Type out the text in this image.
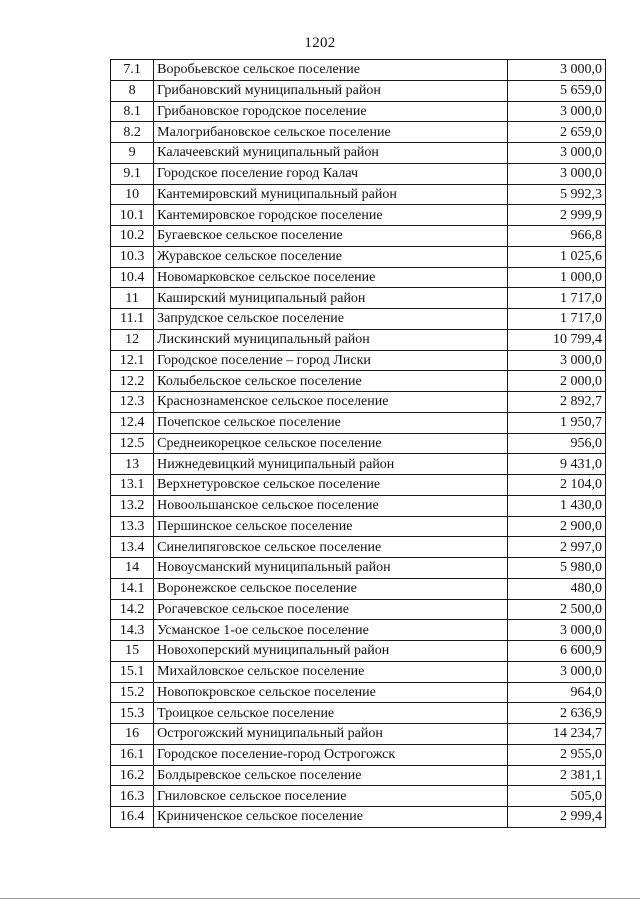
1202
7.1	Воробьевское сельское поселение	3 000,0
8	Грибановский муниципальный район	5 659,0
8.1	Грибановское городское поселение	3 000,0
8.2	Малогрибановское сельское поселение	2 659,0
9	Калачеевский муниципальный район	3 000,0
9.1	Городское поселение город Калач	3 000,0
10	Кантемировский муниципальный район	5 992,3
10.1	Кантемировское городское поселение	2 999,9
10.2	Бугаевское сельское поселение	966,8
10.3	Журавское сельское поселение	1 025,6
10.4	Новомарковское сельское поселение	1 000,0
11	Каширский муниципальный район	1 717,0
11.1	Запрудское сельское поселение	1 717,0
12	Лискинский муниципальный район	10 799,4
12.1	Городское поселение – город Лиски	3 000,0
12.2	Колыбельское сельское поселение	2 000,0
12.3	Краснознаменское сельское поселение	2 892,7
12.4	Почепское сельское поселение	1 950,7
12.5	Среднеикорецкое сельское поселение	956,0
13	Нижнедевицкий муниципальный район	9 431,0
13.1	Верхнетуровское сельское поселение	2 104,0
13.2	Новоольшанское сельское поселение	1 430,0
13.3	Першинское сельское поселение	2 900,0
13.4	Синелипяговское сельское поселение	2 997,0
14	Новоусманский муниципальный район	5 980,0
14.1	Воронежское сельское поселение	480,0
14.2	Рогачевское сельское поселение	2 500,0
14.3	Усманское 1-ое сельское поселение	3 000,0
15	Новохоперский муниципальный район	6 600,9
15.1	Михайловское сельское поселение	3 000,0
15.2	Новопокровское сельское поселение	964,0
15.3	Троицкое сельское поселение	2 636,9
16	Острогожский муниципальный район	14 234,7
16.1	Городское поселение-город Острогожск	2 955,0
16.2	Болдыревское сельское поселение	2 381,1
16.3	Гниловское сельское поселение	505,0
16.4	Криниченское сельское поселение	2 999,4
